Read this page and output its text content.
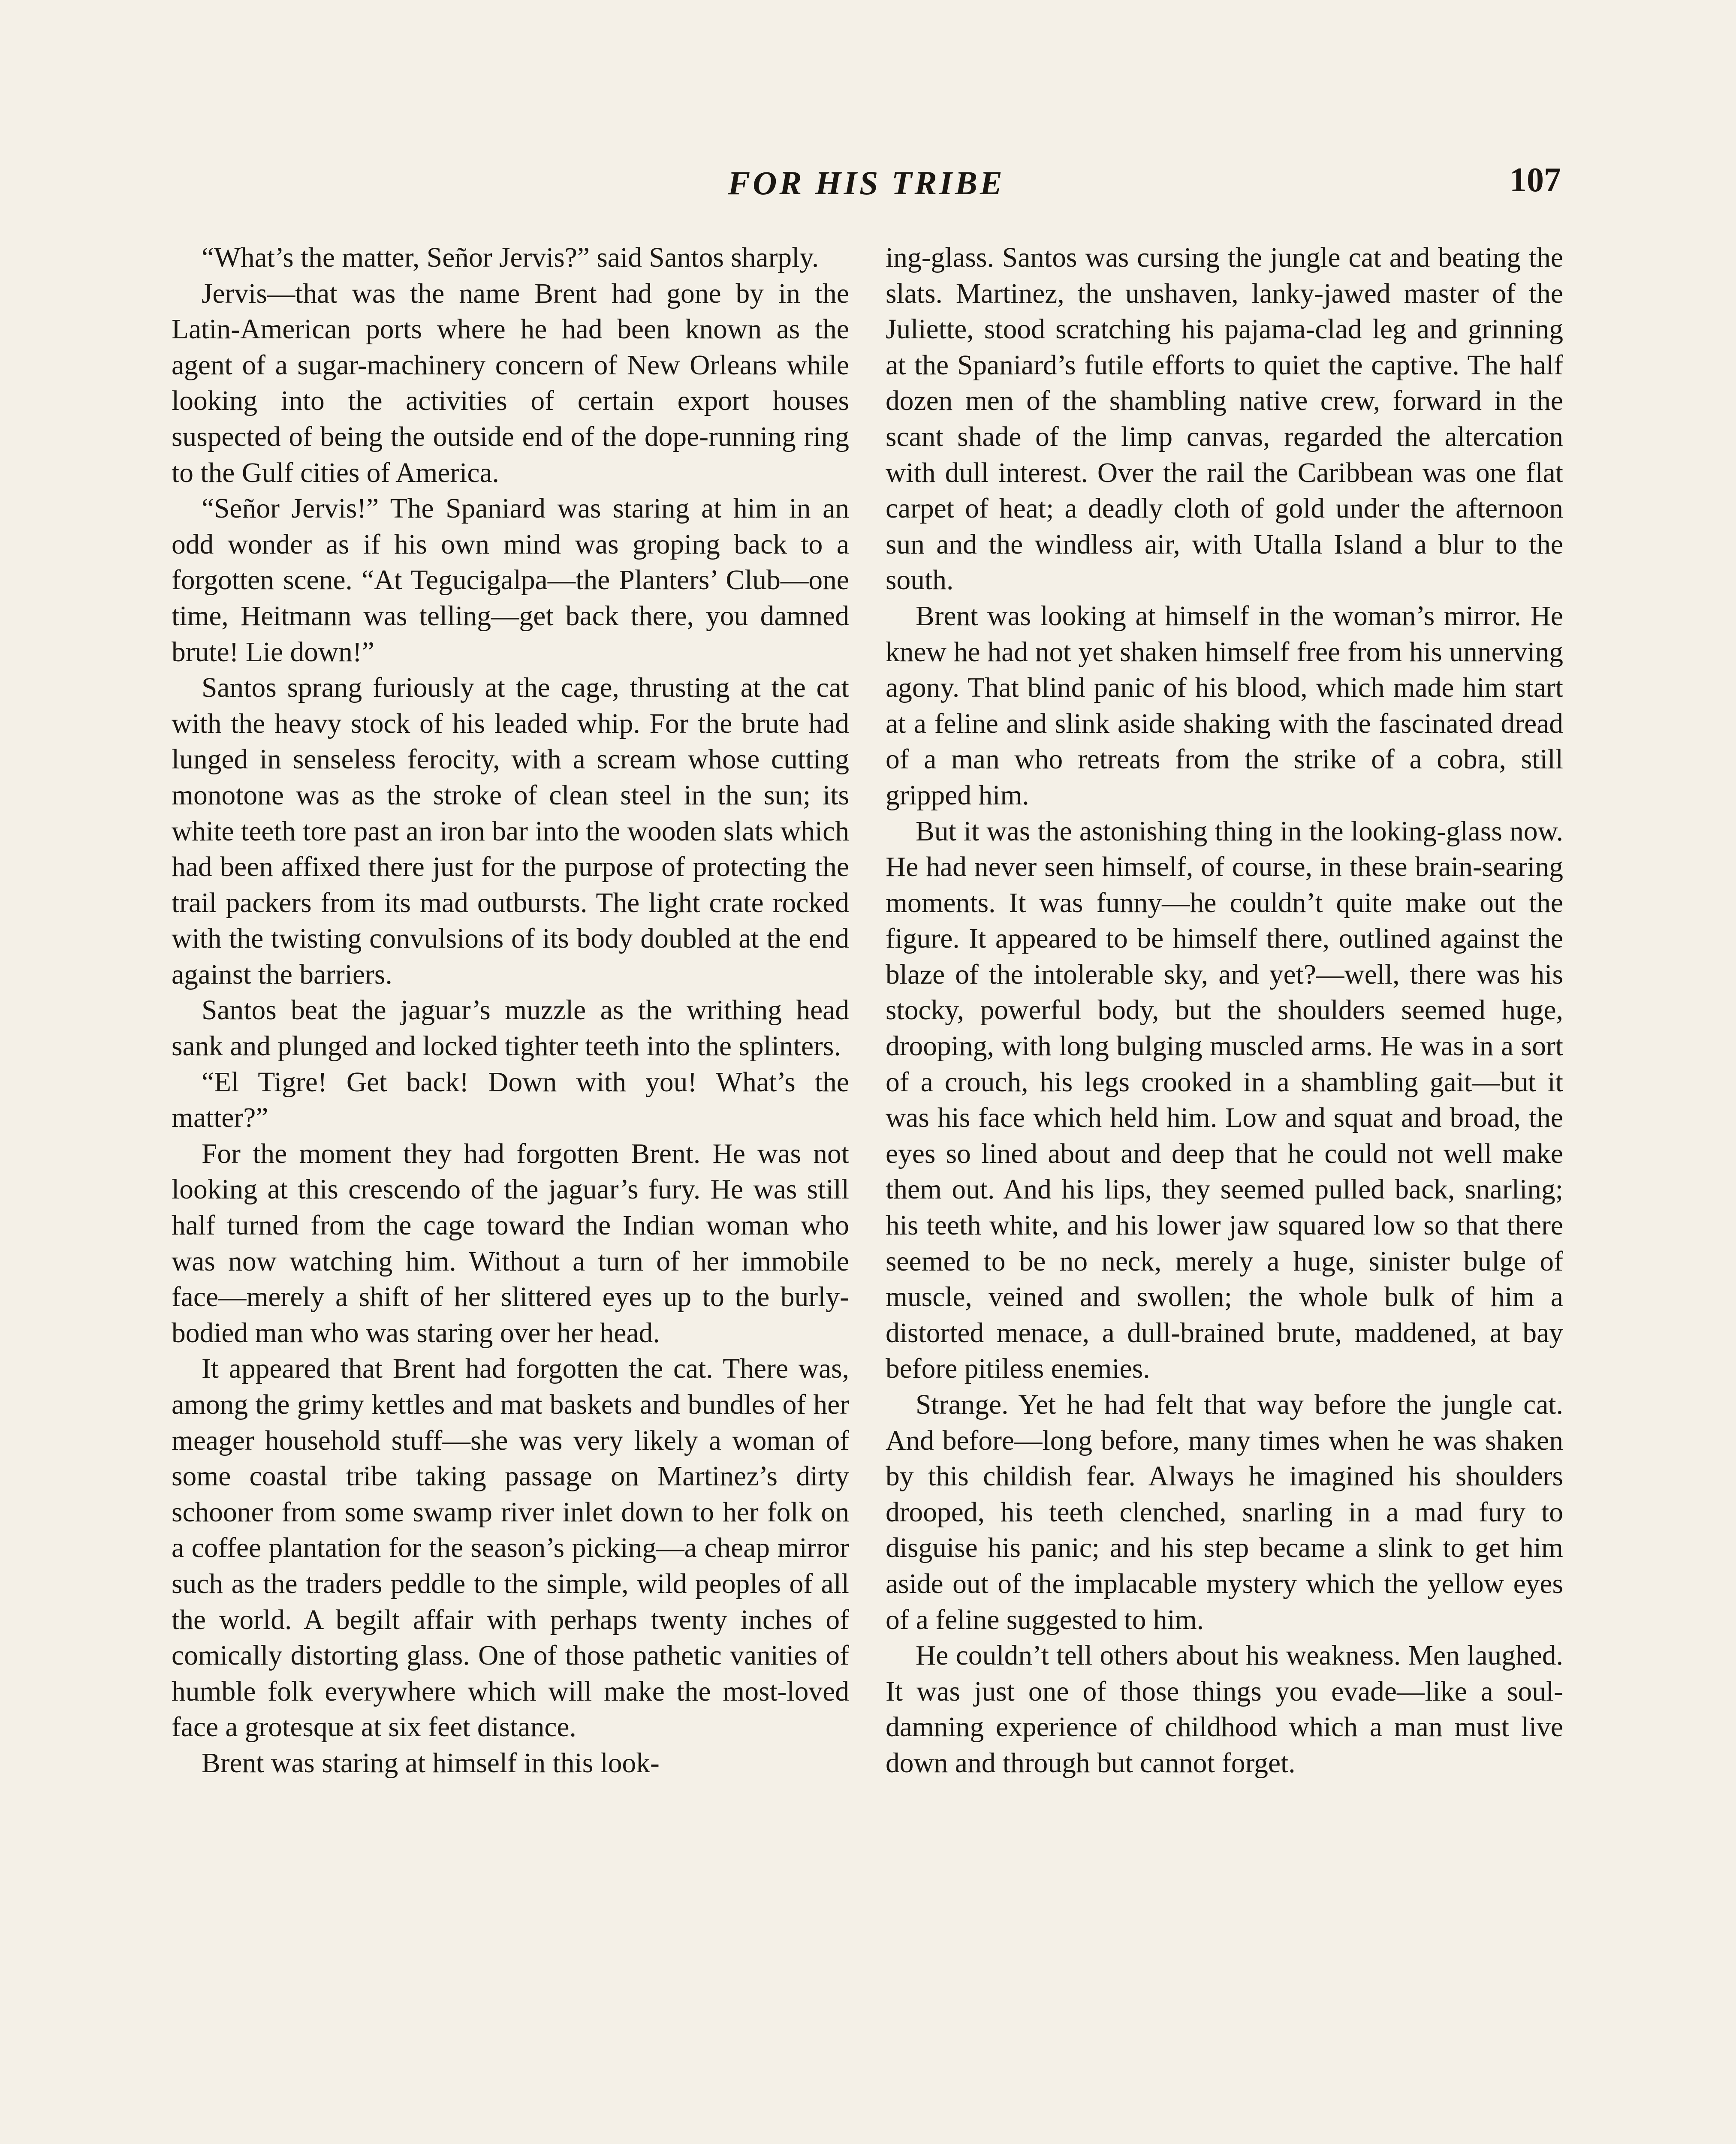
FOR HIS TRIBE	107

“What’s the matter, Señor Jervis?” said Santos sharply.

Jervis—that was the name Brent had gone by in the Latin-American ports where he had been known as the agent of a sugar-machinery concern of New Orleans while looking into the activities of certain export houses suspected of being the outside end of the dope-running ring to the Gulf cities of America.

“Señor Jervis!” The Spaniard was staring at him in an odd wonder as if his own mind was groping back to a forgotten scene. “At Tegucigalpa—the Planters’ Club—one time, Heitmann was telling—get back there, you damned brute! Lie down!”

Santos sprang furiously at the cage, thrusting at the cat with the heavy stock of his leaded whip. For the brute had lunged in senseless ferocity, with a scream whose cutting monotone was as the stroke of clean steel in the sun; its white teeth tore past an iron bar into the wooden slats which had been affixed there just for the purpose of protecting the trail packers from its mad outbursts. The light crate rocked with the twisting convulsions of its body doubled at the end against the barriers.

Santos beat the jaguar’s muzzle as the writhing head sank and plunged and locked tighter teeth into the splinters.

“El Tigre! Get back! Down with you! What’s the matter?”

For the moment they had forgotten Brent. He was not looking at this crescendo of the jaguar’s fury. He was still half turned from the cage toward the Indian woman who was now watching him. Without a turn of her immobile face—merely a shift of her slittered eyes up to the burly-bodied man who was staring over her head.

It appeared that Brent had forgotten the cat. There was, among the grimy kettles and mat baskets and bundles of her meager household stuff—she was very likely a woman of some coastal tribe taking passage on Martinez’s dirty schooner from some swamp river inlet down to her folk on a coffee plantation for the season’s picking—a cheap mirror such as the traders peddle to the simple, wild peoples of all the world. A begilt affair with perhaps twenty inches of comically distorting glass. One of those pathetic vanities of humble folk everywhere which will make the most-loved face a grotesque at six feet distance.

Brent was staring at himself in this look-

ing-glass. Santos was cursing the jungle cat and beating the slats. Martinez, the unshaven, lanky-jawed master of the Juliette, stood scratching his pajama-clad leg and grinning at the Spaniard’s futile efforts to quiet the captive. The half dozen men of the shambling native crew, forward in the scant shade of the limp canvas, regarded the altercation with dull interest. Over the rail the Caribbean was one flat carpet of heat; a deadly cloth of gold under the afternoon sun and the windless air, with Utalla Island a blur to the south.

Brent was looking at himself in the woman’s mirror. He knew he had not yet shaken himself free from his unnerving agony. That blind panic of his blood, which made him start at a feline and slink aside shaking with the fascinated dread of a man who retreats from the strike of a cobra, still gripped him.

But it was the astonishing thing in the looking-glass now. He had never seen himself, of course, in these brain-searing moments. It was funny—he couldn’t quite make out the figure. It appeared to be himself there, outlined against the blaze of the intolerable sky, and yet?—well, there was his stocky, powerful body, but the shoulders seemed huge, drooping, with long bulging muscled arms. He was in a sort of a crouch, his legs crooked in a shambling gait—but it was his face which held him. Low and squat and broad, the eyes so lined about and deep that he could not well make them out. And his lips, they seemed pulled back, snarling; his teeth white, and his lower jaw squared low so that there seemed to be no neck, merely a huge, sinister bulge of muscle, veined and swollen; the whole bulk of him a distorted menace, a dull-brained brute, maddened, at bay before pitiless enemies.

Strange. Yet he had felt that way before the jungle cat. And before—long before, many times when he was shaken by this childish fear. Always he imagined his shoulders drooped, his teeth clenched, snarling in a mad fury to disguise his panic; and his step became a slink to get him aside out of the implacable mystery which the yellow eyes of a feline suggested to him.

He couldn’t tell others about his weakness. Men laughed. It was just one of those things you evade—like a soul-damning experience of childhood which a man must live down and through but cannot forget.
